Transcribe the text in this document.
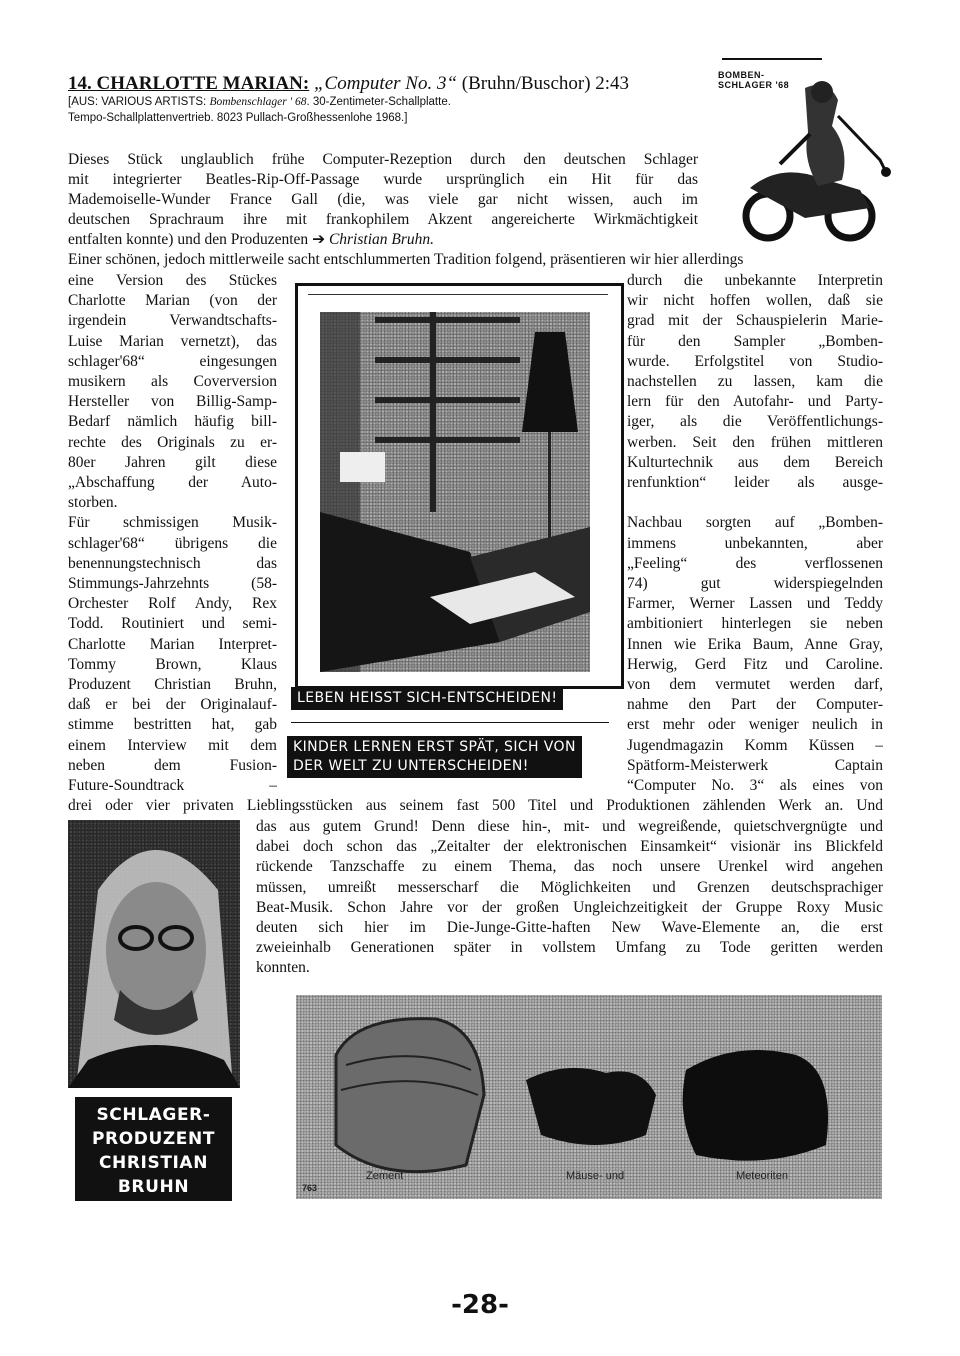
14. CHARLOTTE MARIAN: „Computer No. 3“ (Bruhn/Buschor) 2:43
[AUS: VARIOUS ARTISTS: Bombenschlager ' 68. 30-Zentimeter-Schallplatte.
Tempo-Schallplattenvertrieb. 8023 Pullach-Großhessenlohe 1968.]
BOMBEN-
SCHLAGER '68
Dieses Stück unglaublich frühe Computer-Rezeption durch den deutschen Schlager
mit integrierter Beatles-Rip-Off-Passage wurde ursprünglich ein Hit für das
Mademoiselle-Wunder France Gall (die, was viele gar nicht wissen, auch im
deutschen Sprachraum ihre mit frankophilem Akzent angereicherte Wirkmächtigkeit
entfalten konnte) und den Produzenten ➔ Christian Bruhn.
Einer schönen, jedoch mittlerweile sacht entschlummerten Tradition folgend, präsentieren wir hier allerdings
eine Version des Stückes
Charlotte Marian (von der
irgendein Verwandtschafts-
Luise Marian vernetzt), das
schlager'68“ eingesungen
musikern als Coverversion
Hersteller von Billig-Samp-
Bedarf nämlich häufig bill-
rechte des Originals zu er-
80er Jahren gilt diese
„Abschaffung der Auto-
storben.
Für schmissigen Musik-
schlager'68“ übrigens die
benennungstechnisch das
Stimmungs-Jahrzehnts (58-
Orchester Rolf Andy, Rex
Todd. Routiniert und semi-
Charlotte Marian Interpret-
Tommy Brown, Klaus
Produzent Christian Bruhn,
daß er bei der Originalauf-
stimme bestritten hat, gab
einem Interview mit dem
neben dem Fusion-
Future-Soundtrack –
LEBEN HEISST SICH-ENTSCHEIDEN!
KINDER LERNEN ERST SPÄT, SICH VON
DER WELT ZU UNTERSCHEIDEN!
durch die unbekannte Interpretin
wir nicht hoffen wollen, daß sie
grad mit der Schauspielerin Marie-
für den Sampler „Bomben-
wurde. Erfolgstitel von Studio-
nachstellen zu lassen, kam die
lern für den Autofahr- und Party-
iger, als die Veröffentlichungs-
werben. Seit den frühen mittleren
Kulturtechnik aus dem Bereich
renfunktion“ leider als ausge-
Nachbau sorgten auf „Bomben-
immens unbekannten, aber
„Feeling“ des verflossenen
74) gut widerspiegelnden
Farmer, Werner Lassen und Teddy
ambitioniert hinterlegen sie neben
Innen wie Erika Baum, Anne Gray,
Herwig, Gerd Fitz und Caroline.
von dem vermutet werden darf,
nahme den Part der Computer-
erst mehr oder weniger neulich in
Jugendmagazin Komm Küssen –
Spätform-Meisterwerk Captain
“Computer No. 3“ als eines von
drei oder vier privaten Lieblingsstücken aus seinem fast 500 Titel und Produktionen zählenden Werk an. Und
SCHLAGER-
PRODUZENT
CHRISTIAN
BRUHN
das aus gutem Grund! Denn diese hin-, mit- und wegreißende, quietschvergnügte und
dabei doch schon das „Zeitalter der elektronischen Einsamkeit“ visionär ins Blickfeld
rückende Tanzschaffe zu einem Thema, das noch unsere Urenkel wird angehen
müssen, umreißt messerscharf die Möglichkeiten und Grenzen deutschsprachiger
Beat-Musik. Schon Jahre vor der großen Ungleichzeitigkeit der Gruppe Roxy Music
deuten sich hier im Die-Junge-Gitte-haften New Wave-Elemente an, die erst
zweieinhalb Generationen später in vollstem Umfang zu Tode geritten werden
konnten.
Zement	Mäuse- und	Meteoriten
763
-28-
